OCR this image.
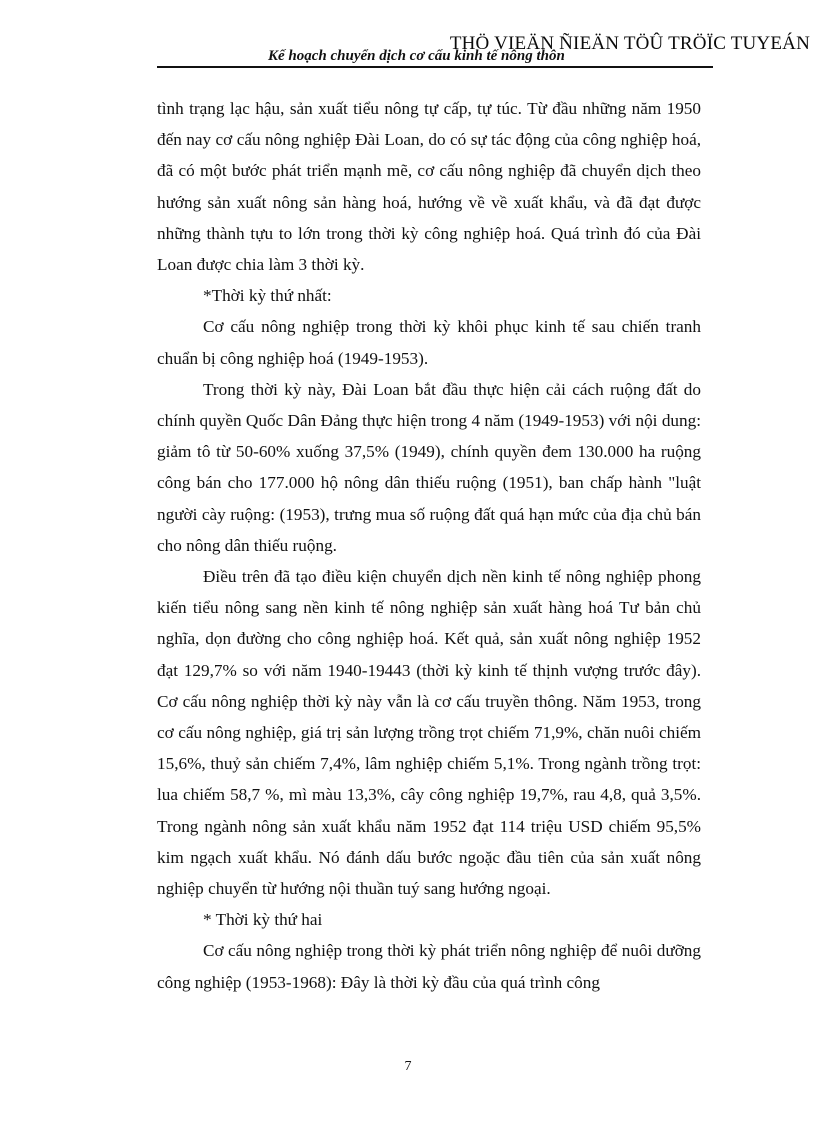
THÖ VIEÄN ÑIEÄN TÖÛ TRÖÏC TUYEÁN
Kế hoạch chuyển dịch cơ cấu kinh tế nông thôn

tình trạng lạc hậu, sản xuất tiểu nông tự cấp, tự túc. Từ đầu những năm 1950 đến nay cơ cấu nông nghiệp Đài Loan, do có sự tác động của công nghiệp hoá, đã có một bước phát triển mạnh mẽ, cơ cấu nông nghiệp đã chuyển dịch theo hướng sản xuất nông sản hàng hoá, hướng về về xuất khẩu, và đã đạt được những thành tựu to lớn trong thời kỳ công nghiệp hoá. Quá trình đó của Đài Loan được chia làm 3 thời kỳ.

*Thời kỳ thứ nhất:

Cơ cấu nông nghiệp trong thời kỳ khôi phục kinh tế sau chiến tranh chuẩn bị công nghiệp hoá (1949-1953).

Trong thời kỳ này, Đài Loan bắt đầu thực hiện cải cách ruộng đất do chính quyền Quốc Dân Đảng thực hiện trong 4 năm (1949-1953) với nội dung: giảm tô từ 50-60% xuống 37,5% (1949), chính quyền đem 130.000 ha ruộng công bán cho 177.000 hộ nông dân thiếu ruộng (1951), ban chấp hành "luật người cày ruộng: (1953), trưng mua số ruộng đất quá hạn mức của địa chủ bán cho nông dân thiếu ruộng.

Điều trên đã tạo điều kiện chuyển dịch nền kinh tế nông nghiệp phong kiến tiểu nông sang nền kinh tế nông nghiệp sản xuất hàng hoá Tư bản chủ nghĩa, dọn đường cho công nghiệp hoá. Kết quả, sản xuất nông nghiệp 1952 đạt 129,7% so với năm 1940-19443 (thời kỳ kinh tế thịnh vượng trước đây). Cơ cấu nông nghiệp thời kỳ này vẫn là cơ cấu truyền thông. Năm 1953, trong cơ cấu nông nghiệp, giá trị sản lượng trồng trọt chiếm 71,9%, chăn nuôi chiếm 15,6%, thuỷ sản chiếm 7,4%, lâm nghiệp chiếm 5,1%. Trong ngành trồng trọt: lua chiếm 58,7 %, mì màu 13,3%, cây công nghiệp 19,7%, rau 4,8, quả 3,5%. Trong ngành nông sản xuất khẩu năm 1952 đạt 114 triệu USD chiếm 95,5% kim ngạch xuất khẩu. Nó đánh dấu bước ngoặc đầu tiên của sản xuất nông nghiệp chuyển từ hướng nội thuần tuý sang hướng ngoại.

* Thời kỳ thứ hai

Cơ cấu nông nghiệp trong thời kỳ phát triển nông nghiệp để nuôi dưỡng công nghiệp (1953-1968): Đây là thời kỳ đầu của quá trình công

7
